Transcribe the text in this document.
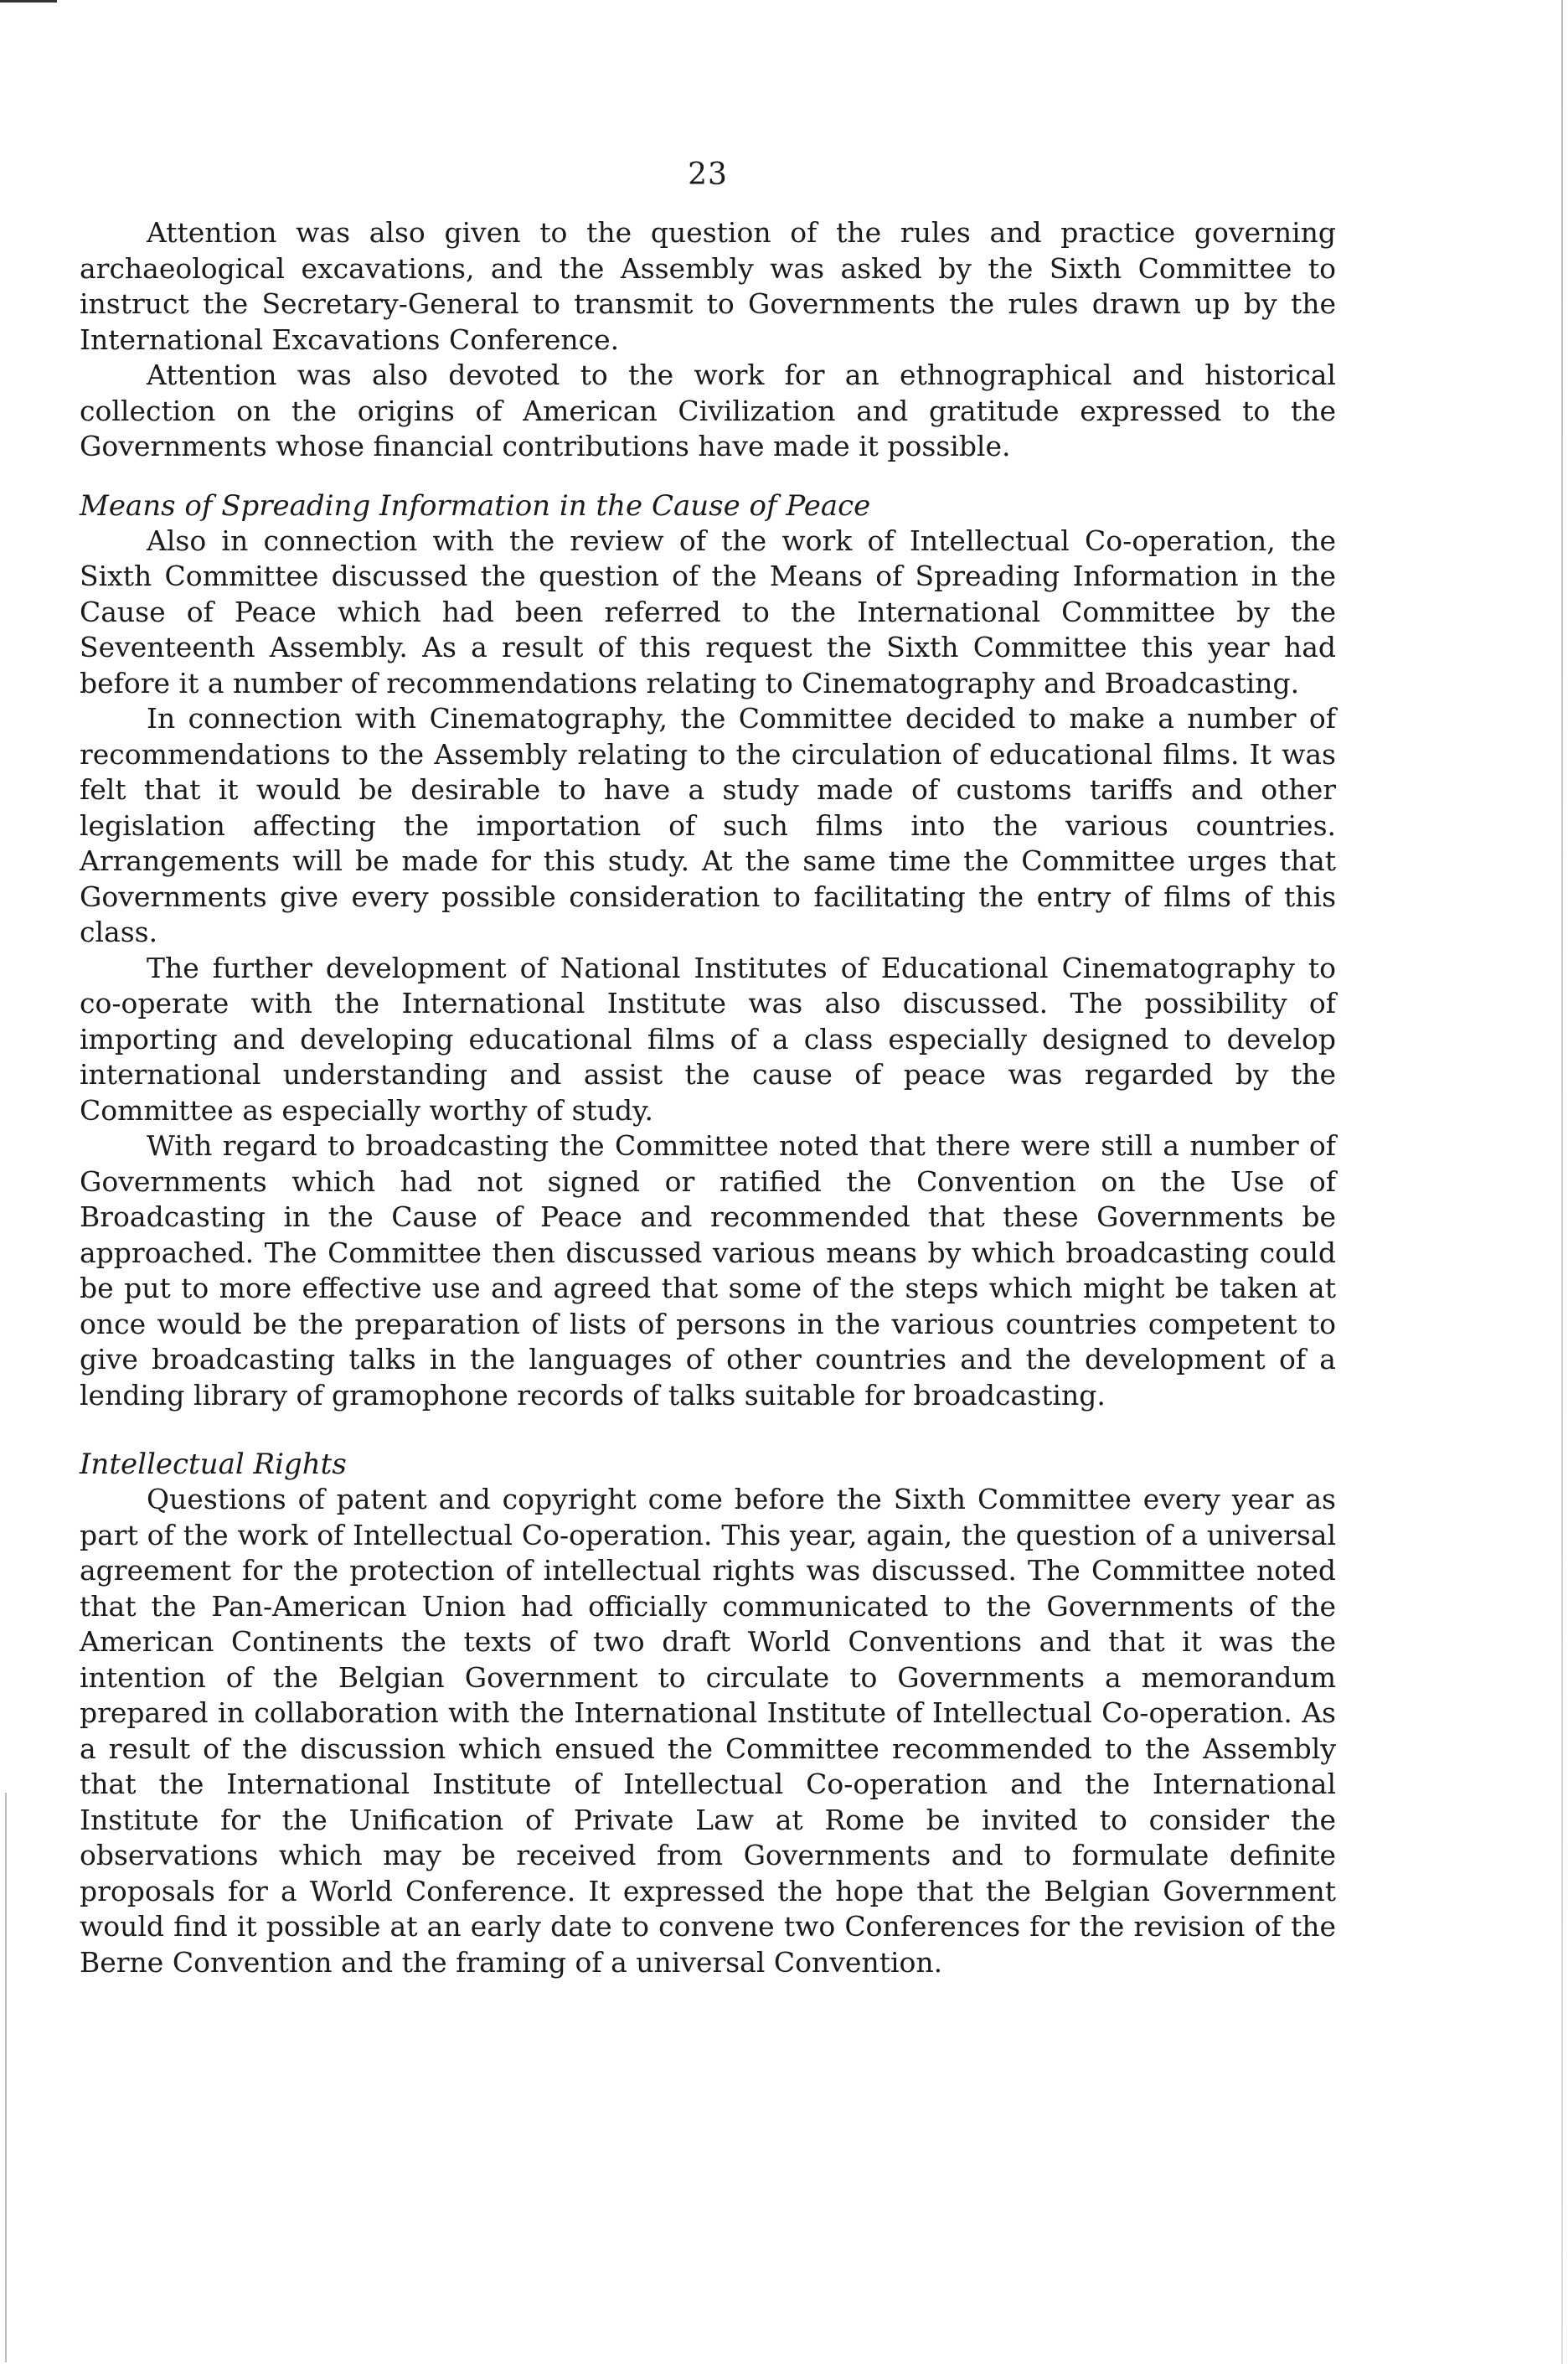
23

Attention was also given to the question of the rules and practice governing archaeological excavations, and the Assembly was asked by the Sixth Committee to instruct the Secretary-General to transmit to Governments the rules drawn up by the International Excavations Conference.

Attention was also devoted to the work for an ethnographical and historical collection on the origins of American Civilization and gratitude expressed to the Governments whose financial contributions have made it possible.

Means of Spreading Information in the Cause of Peace

Also in connection with the review of the work of Intellectual Co-operation, the Sixth Committee discussed the question of the Means of Spreading Information in the Cause of Peace which had been referred to the International Committee by the Seventeenth Assembly. As a result of this request the Sixth Committee this year had before it a number of recommendations relating to Cinematography and Broadcasting.

In connection with Cinematography, the Committee decided to make a number of recommendations to the Assembly relating to the circulation of educational films. It was felt that it would be desirable to have a study made of customs tariffs and other legislation affecting the importation of such films into the various countries. Arrangements will be made for this study. At the same time the Committee urges that Governments give every possible consideration to facilitating the entry of films of this class.

The further development of National Institutes of Educational Cinematography to co-operate with the International Institute was also discussed. The possibility of importing and developing educational films of a class especially designed to develop international understanding and assist the cause of peace was regarded by the Committee as especially worthy of study.

With regard to broadcasting the Committee noted that there were still a number of Governments which had not signed or ratified the Convention on the Use of Broadcasting in the Cause of Peace and recommended that these Governments be approached. The Committee then discussed various means by which broadcasting could be put to more effective use and agreed that some of the steps which might be taken at once would be the preparation of lists of persons in the various countries competent to give broadcasting talks in the languages of other countries and the development of a lending library of gramophone records of talks suitable for broadcasting.

Intellectual Rights

Questions of patent and copyright come before the Sixth Committee every year as part of the work of Intellectual Co-operation. This year, again, the question of a universal agreement for the protection of intellectual rights was discussed. The Committee noted that the Pan-American Union had officially communicated to the Governments of the American Continents the texts of two draft World Conventions and that it was the intention of the Belgian Government to circulate to Governments a memorandum prepared in collaboration with the International Institute of Intellectual Co-operation. As a result of the discussion which ensued the Committee recommended to the Assembly that the International Institute of Intellectual Co-operation and the International Institute for the Unification of Private Law at Rome be invited to consider the observations which may be received from Governments and to formulate definite proposals for a World Conference. It expressed the hope that the Belgian Government would find it possible at an early date to convene two Conferences for the revision of the Berne Convention and the framing of a universal Convention.
